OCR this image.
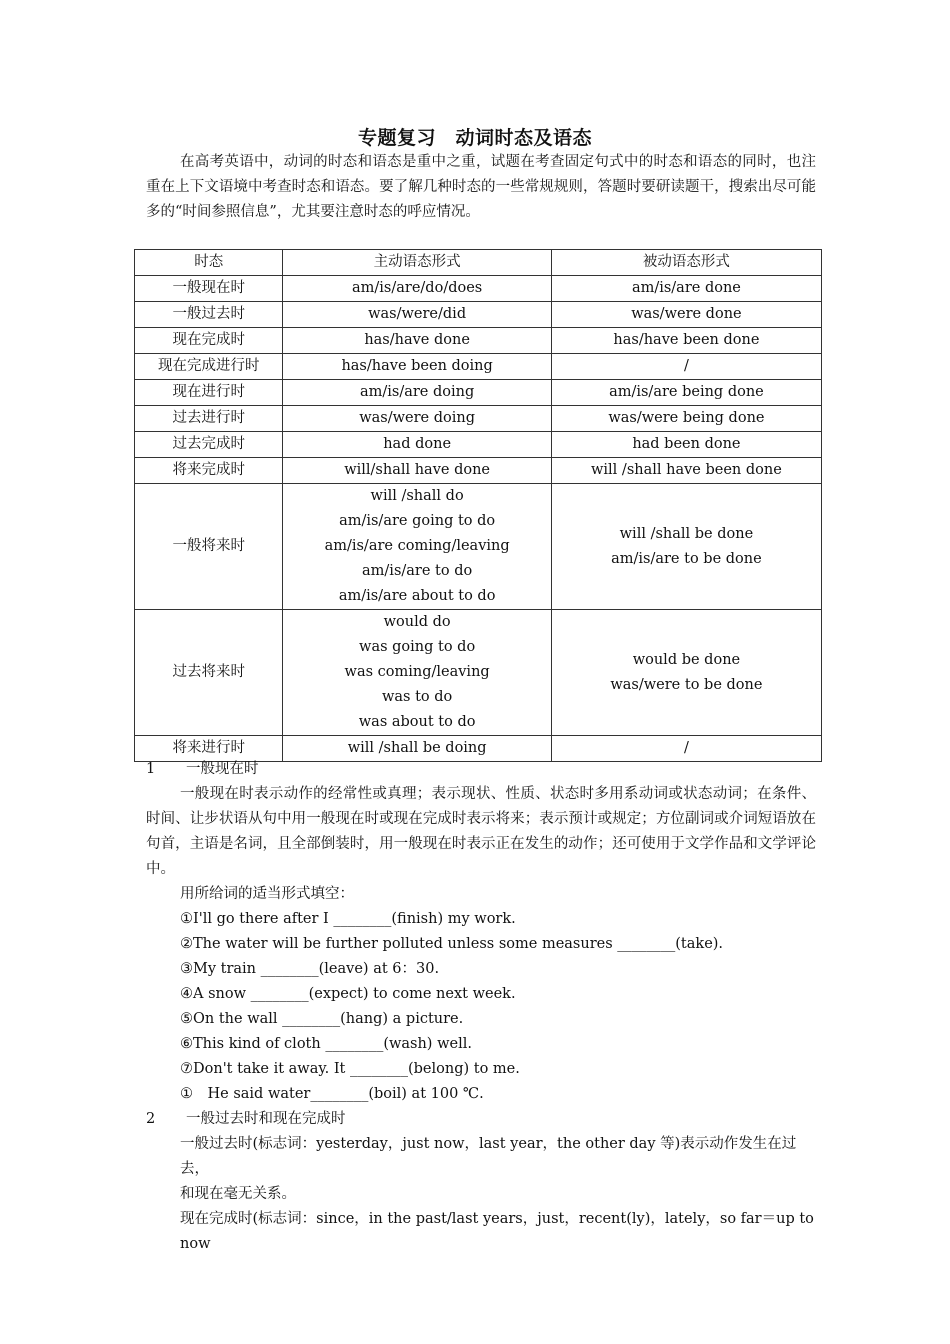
专题复习　动词时态及语态
在高考英语中，动词的时态和语态是重中之重，试题在考查固定句式中的时态和语态的同时，也注重在上下文语境中考查时态和语态。要了解几种时态的一些常规规则，答题时要研读题干，搜索出尽可能多的“时间参照信息”，尤其要注意时态的呼应情况。
时态	主动语态形式	被动语态形式
一般现在时	am/is/are/do/does	am/is/are done

一般过去时	was/were/did	was/were done

现在完成时	has/have done	has/have been done

现在完成进行时	has/have been doing	/

现在进行时	am/is/are doing	am/is/are being done

过去进行时	was/were doing	was/were being done

过去完成时	had done	had been done

将来完成时	will/shall have done	will /shall have been done

一般将来时	will /shall do
am/is/are going to do
am/is/are coming/leaving
am/is/are to do
am/is/are about to do	will /shall be done
am/is/are to be done

过去将来时	would do
was going to do
was coming/leaving
was to do
was about to do	would be done
was/were to be done

将来进行时	will /shall be doing	/
1	一般现在时
一般现在时表示动作的经常性或真理；表示现状、性质、状态时多用系动词或状态动词；在条件、时间、让步状语从句中用一般现在时或现在完成时表示将来；表示预计或规定；方位副词或介词短语放在句首，主语是名词，且全部倒装时，用一般现在时表示正在发生的动作；还可使用于文学作品和文学评论中。
用所给词的适当形式填空：
①I'll go there after I ________(finish) my work.
②The water will be further polluted unless some measures ________(take).
③My train ________(leave) at 6：30.
④A snow ________(expect) to come next week.
⑤On the wall ________(hang) a picture.
⑥This kind of cloth ________(wash) well.
⑦Don't take it away. It ________(belong) to me.
①　He said water________(boil) at 100 ℃.
2	一般过去时和现在完成时
一般过去时(标志词：yesterday，just now，last year，the other day 等)表示动作发生在过去，
和现在毫无关系。
现在完成时(标志词：since，in the past/last years，just，recent(ly)，lately，so far＝up to now
